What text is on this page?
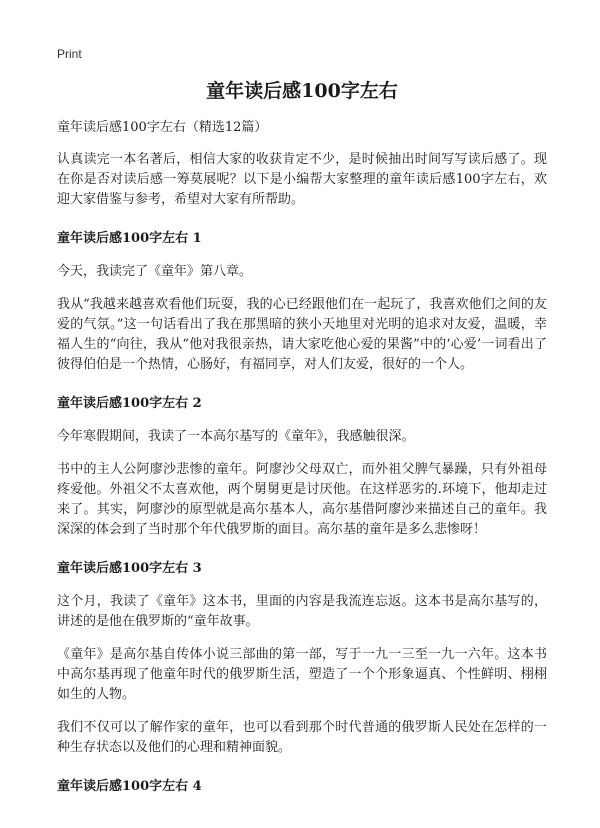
Print
童年读后感100字左右
童年读后感100字左右（精选12篇）

认真读完一本名著后，相信大家的收获肯定不少，是时候抽出时间写写读后感了。现在你是否对读后感一筹莫展呢？以下是小编帮大家整理的童年读后感100字左右，欢迎大家借鉴与参考，希望对大家有所帮助。

童年读后感100字左右 1

今天，我读完了《童年》第八章。

我从“我越来越喜欢看他们玩耍，我的心已经跟他们在一起玩了，我喜欢他们之间的友爱的气氛。”这一句话看出了我在那黑暗的狭小天地里对光明的追求对友爱，温暖，幸福人生的“向往，我从“他对我很亲热，请大家吃他心爱的果酱”中的‘心爱’一词看出了彼得伯伯是一个热情，心肠好，有福同享，对人们友爱，很好的一个人。

童年读后感100字左右 2

今年寒假期间，我读了一本高尔基写的《童年》，我感触很深。

书中的主人公阿廖沙悲惨的童年。阿廖沙父母双亡，而外祖父脾气暴躁，只有外祖母疼爱他。外祖父不太喜欢他，两个舅舅更是讨厌他。在这样恶劣的.环境下，他却走过来了。其实，阿廖沙的原型就是高尔基本人，高尔基借阿廖沙来描述自己的童年。我深深的体会到了当时那个年代俄罗斯的面目。高尔基的童年是多么悲惨呀！

童年读后感100字左右 3

这个月，我读了《童年》这本书，里面的内容是我流连忘返。这本书是高尔基写的，讲述的是他在俄罗斯的“童年故事。

《童年》是高尔基自传体小说三部曲的第一部，写于一九一三至一九一六年。这本书中高尔基再现了他童年时代的俄罗斯生活，塑造了一个个形象逼真、个性鲜明、栩栩如生的人物。

我们不仅可以了解作家的童年，也可以看到那个时代普通的俄罗斯人民处在怎样的一种生存状态以及他们的心理和精神面貌。

童年读后感100字左右 4
